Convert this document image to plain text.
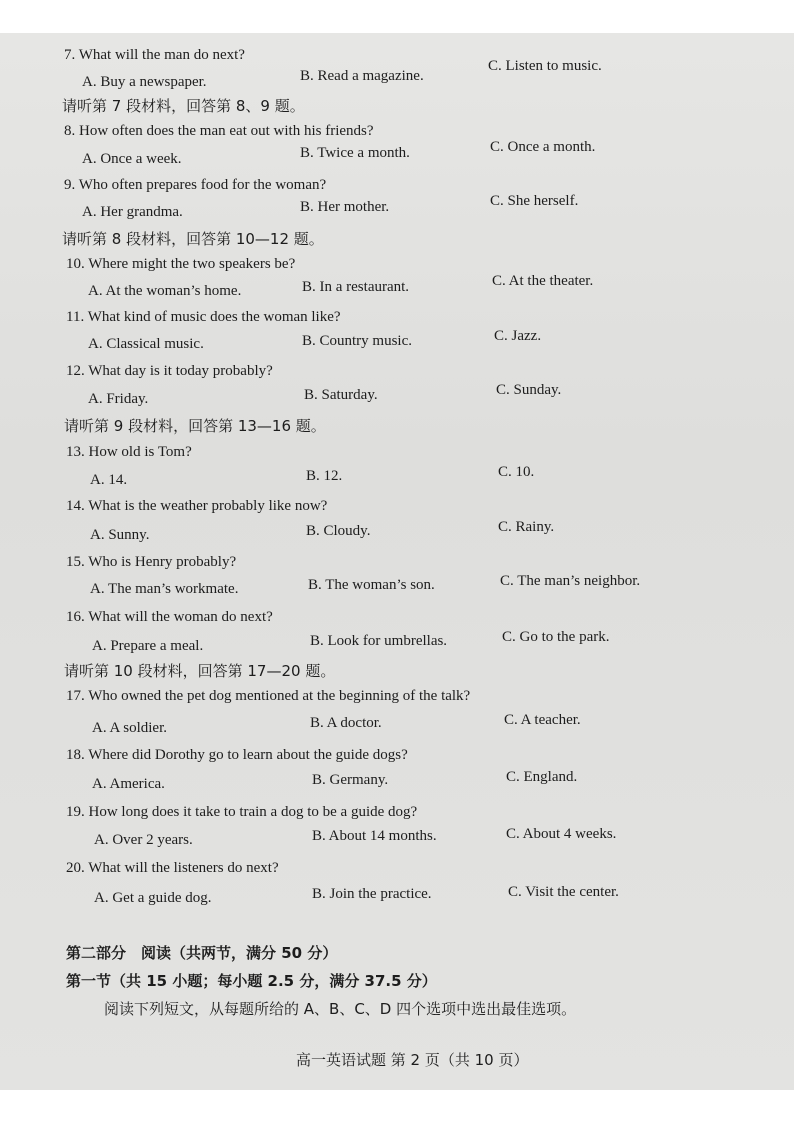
7. What will the man do next?
A. Buy a newspaper.	B. Read a magazine.
C. Listen to music.
请听第 7 段材料，回答第 8、9 题。
8. How often does the man eat out with his friends?
A. Once a week.	B. Twice a month.	C. Once a month.
9. Who often prepares food for the woman?
A. Her grandma.	B. Her mother.	C. She herself.
请听第 8 段材料，回答第 10—12 题。
10. Where might the two speakers be?
A. At the woman’s home.	B. In a restaurant.	C. At the theater.
11. What kind of music does the woman like?
A. Classical music.	B. Country music.	C. Jazz.
12. What day is it today probably?
A. Friday.	B. Saturday.	C. Sunday.
请听第 9 段材料，回答第 13—16 题。
13. How old is Tom?
A. 14.	B. 12.	C. 10.
14. What is the weather probably like now?
A. Sunny.	B. Cloudy.	C. Rainy.
15. Who is Henry probably?
A. The man’s workmate.	B. The woman’s son.	C. The man’s neighbor.
16. What will the woman do next?
A. Prepare a meal.	B. Look for umbrellas.	C. Go to the park.
请听第 10 段材料，回答第 17—20 题。
17. Who owned the pet dog mentioned at the beginning of the talk?
A. A soldier.	B. A doctor.	C. A teacher.
18. Where did Dorothy go to learn about the guide dogs?
A. America.	B. Germany.	C. England.
19. How long does it take to train a dog to be a guide dog?
A. Over 2 years.	B. About 14 months.	C. About 4 weeks.
20. What will the listeners do next?
A. Get a guide dog.	B. Join the practice.	C. Visit the center.
第二部分　阅读（共两节，满分 50 分）
第一节（共 15 小题；每小题 2.5 分，满分 37.5 分）
阅读下列短文，从每题所给的 A、B、C、D 四个选项中选出最佳选项。
高一英语试题 第 2 页（共 10 页）
